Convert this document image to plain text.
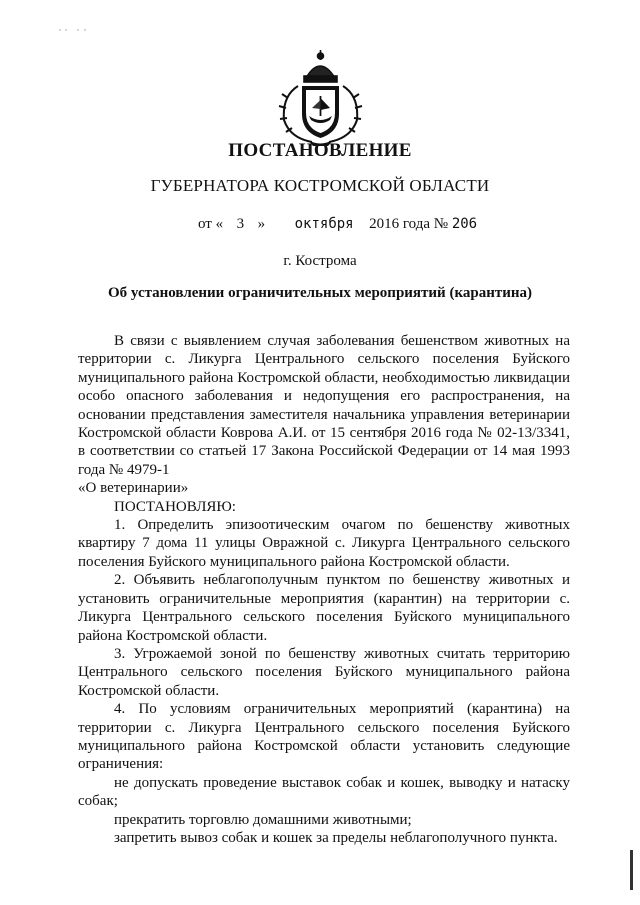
ПОСТАНОВЛЕНИЕ
ГУБЕРНАТОРА КОСТРОМСКОЙ ОБЛАСТИ
от « 3 » октября 2016 года № 206
г. Кострома
Об установлении ограничительных мероприятий (карантина)

В связи с выявлением случая заболевания бешенством животных на территории с. Ликурга Центрального сельского поселения Буйского муниципального района Костромской области, необходимостью ликвидации особо опасного заболевания и недопущения его распространения, на основании представления заместителя начальника управления ветеринарии Костромской области Коврова А.И. от 15 сентября 2016 года № 02-13/3341, в соответствии со статьей 17 Закона Российской Федерации от 14 мая 1993 года № 4979-1

«О ветеринарии»

ПОСТАНОВЛЯЮ:

1. Определить эпизоотическим очагом по бешенству животных квартиру 7 дома 11 улицы Овражной с. Ликурга Центрального сельского поселения Буйского муниципального района Костромской области.

2. Объявить неблагополучным пунктом по бешенству животных и установить ограничительные мероприятия (карантин) на территории с. Ликурга Центрального сельского поселения Буйского муниципального района Костромской области.

3. Угрожаемой зоной по бешенству животных считать территорию Центрального сельского поселения Буйского муниципального района Костромской области.

4. По условиям ограничительных мероприятий (карантина) на территории с. Ликурга Центрального сельского поселения Буйского муниципального района Костромской области установить следующие ограничения:

не допускать проведение выставок собак и кошек, выводку и натаску собак;

прекратить торговлю домашними животными;

запретить вывоз собак и кошек за пределы неблагополучного пункта.
